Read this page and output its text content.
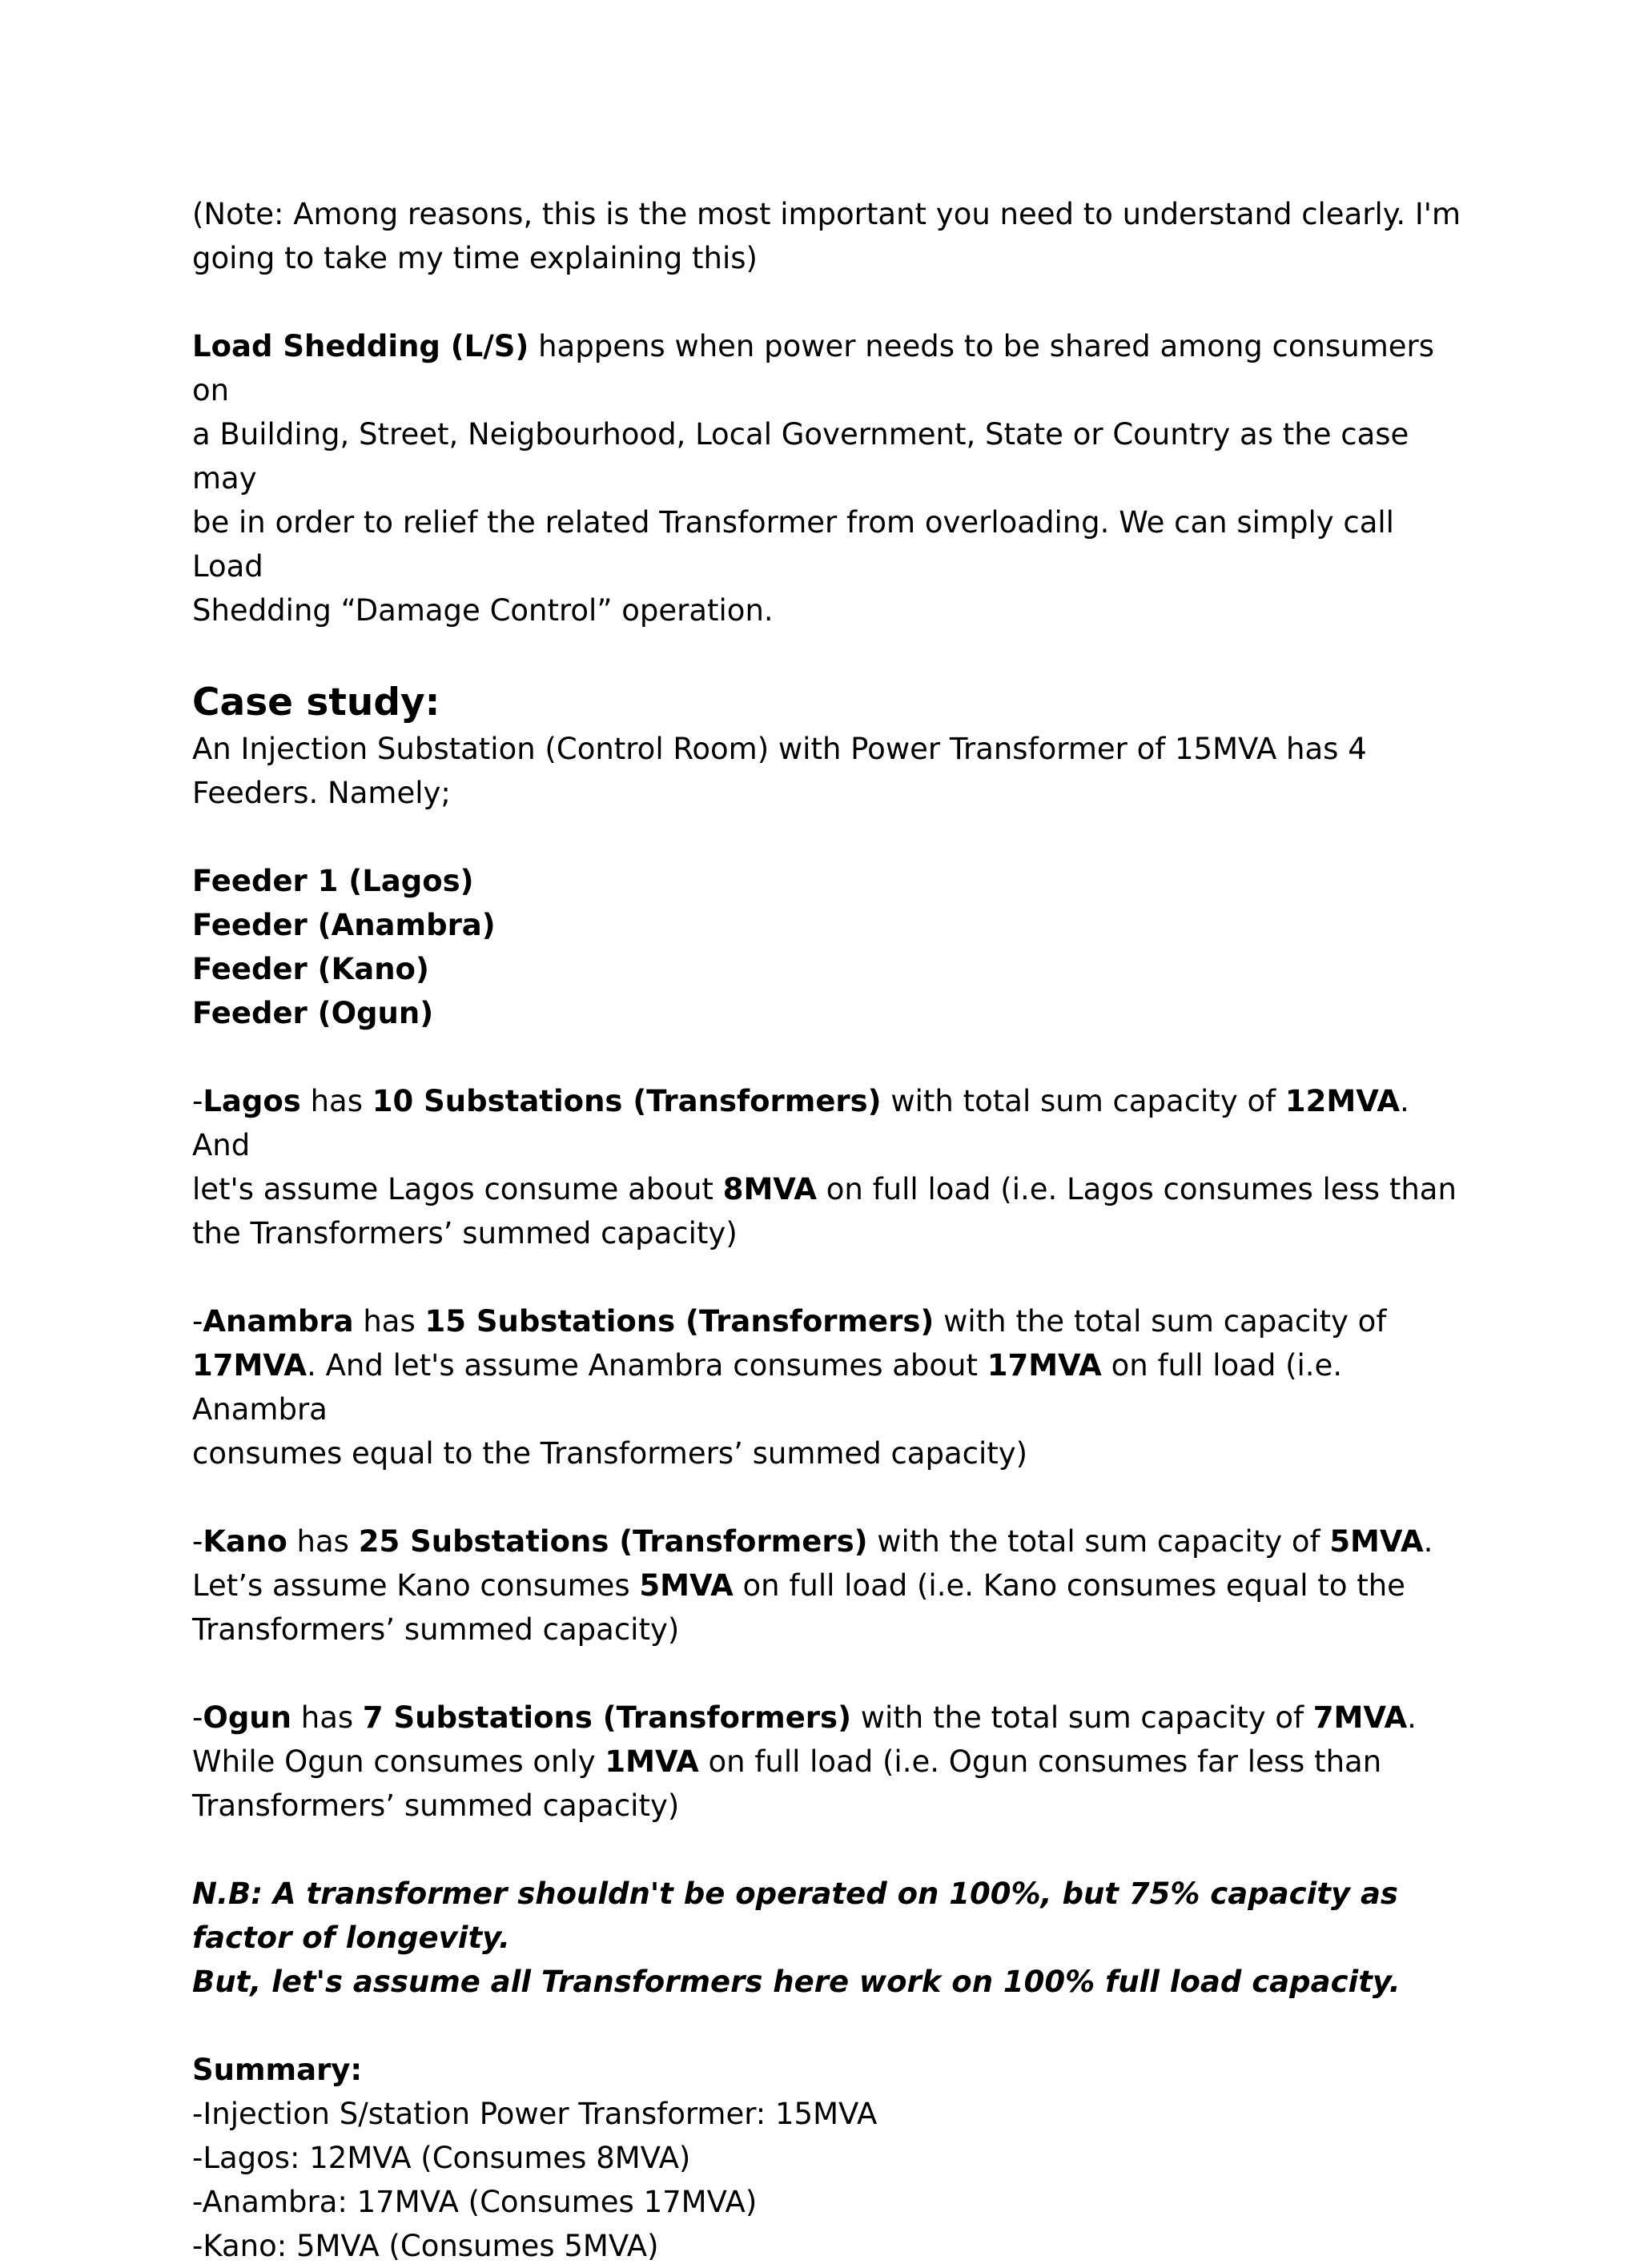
(Note: Among reasons, this is the most important you need to understand clearly. I'm

going to take my time explaining this)

Load Shedding (L/S) happens when power needs to be shared among consumers on

a Building, Street, Neigbourhood, Local Government, State or Country as the case may

be in order to relief the related Transformer from overloading. We can simply call Load

Shedding “Damage Control” operation.

Case study:

An Injection Substation (Control Room) with Power Transformer of 15MVA has 4

Feeders. Namely;

Feeder 1 (Lagos)

Feeder (Anambra)

Feeder (Kano)

Feeder (Ogun)

-Lagos has 10 Substations (Transformers) with total sum capacity of 12MVA. And

let's assume Lagos consume about 8MVA on full load (i.e. Lagos consumes less than

the Transformers’ summed capacity)

-Anambra has 15 Substations (Transformers) with the total sum capacity of

17MVA. And let's assume Anambra consumes about 17MVA on full load (i.e. Anambra

consumes equal to the Transformers’ summed capacity)

-Kano has 25 Substations (Transformers) with the total sum capacity of 5MVA.

Let’s assume Kano consumes 5MVA on full load (i.e. Kano consumes equal to the

Transformers’ summed capacity)

-Ogun has 7 Substations (Transformers) with the total sum capacity of 7MVA.

While Ogun consumes only 1MVA on full load (i.e. Ogun consumes far less than

Transformers’ summed capacity)

N.B: A transformer shouldn't be operated on 100%, but 75% capacity as

factor of longevity.

But, let's assume all Transformers here work on 100% full load capacity.

Summary:

-Injection S/station Power Transformer: 15MVA

-Lagos: 12MVA (Consumes 8MVA)

-Anambra: 17MVA (Consumes 17MVA)

-Kano: 5MVA (Consumes 5MVA)
